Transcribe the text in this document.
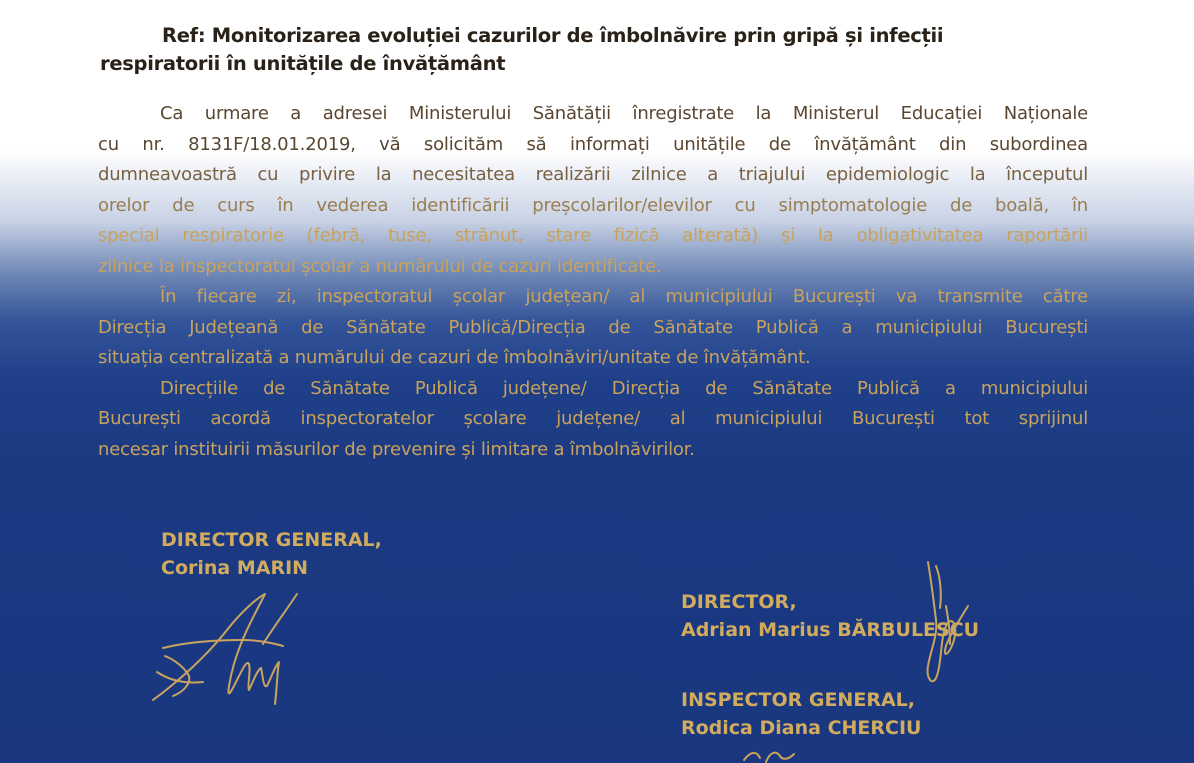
Ref: Monitorizarea evoluției cazurilor de îmbolnăvire prin gripă și infecții
respiratorii în unitățile de învățământ
Ca urmare a adresei Ministerului Sănătății înregistrate la Ministerul Educației Naționale
cu nr. 8131F/18.01.2019, vă solicităm să informați unitățile de învățământ din subordinea
dumneavoastră cu privire la necesitatea realizării zilnice a triajului epidemiologic la începutul
orelor de curs în vederea identificării preșcolarilor/elevilor cu simptomatologie de boală, în
special respiratorie (febră, tuse, strănut, stare fizică alterată) și la obligativitatea raportării
zilnice la inspectoratul școlar a numărului de cazuri identificate.
În fiecare zi, inspectoratul școlar județean/ al municipiului București va transmite către
Direcția Județeană de Sănătate Publică/Direcția de Sănătate Publică a municipiului București
situația centralizată a numărului de cazuri de îmbolnăviri/unitate de învățământ.
Direcțiile de Sănătate Publică județene/ Direcția de Sănătate Publică a municipiului
București acordă inspectoratelor școlare județene/ al municipiului București tot sprijinul
necesar instituirii măsurilor de prevenire și limitare a îmbolnăvirilor.
DIRECTOR GENERAL,
Corina MARIN
DIRECTOR,
Adrian Marius BĂRBULESCU
INSPECTOR GENERAL,
Rodica Diana CHERCIU
